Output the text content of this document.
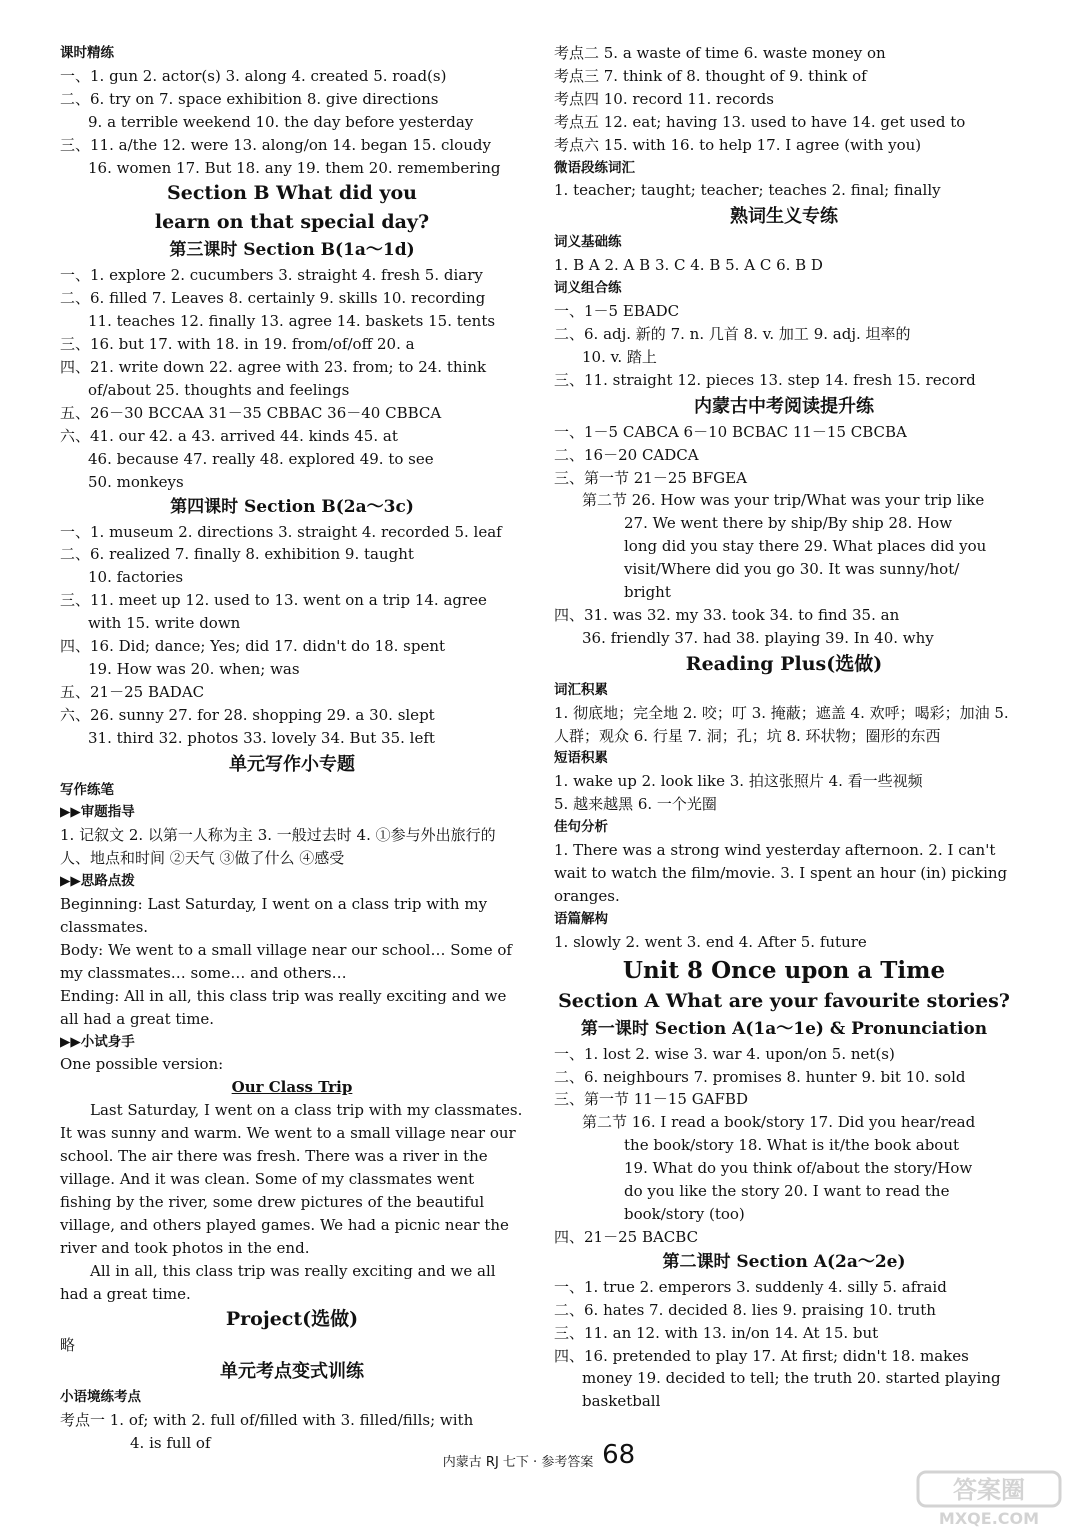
课时精练
一、1. gun 2. actor(s) 3. along 4. created 5. road(s)
二、6. try on 7. space exhibition 8. give directions
9. a terrible weekend 10. the day before yesterday
三、11. a/the 12. were 13. along/on 14. began 15. cloudy
16. women 17. But 18. any 19. them 20. remembering
Section B What did you
learn on that special day?
第三课时 Section B(1a～1d)
一、1. explore 2. cucumbers 3. straight 4. fresh 5. diary
二、6. filled 7. Leaves 8. certainly 9. skills 10. recording
11. teaches 12. finally 13. agree 14. baskets 15. tents
三、16. but 17. with 18. in 19. from/of/off 20. a
四、21. write down 22. agree with 23. from; to 24. think
of/about 25. thoughts and feelings
五、26－30 BCCAA 31－35 CBBAC 36－40 CBBCA
六、41. our 42. a 43. arrived 44. kinds 45. at
46. because 47. really 48. explored 49. to see
50. monkeys
第四课时 Section B(2a～3c)
一、1. museum 2. directions 3. straight 4. recorded 5. leaf
二、6. realized 7. finally 8. exhibition 9. taught
10. factories
三、11. meet up 12. used to 13. went on a trip 14. agree
with 15. write down
四、16. Did; dance; Yes; did 17. didn't do 18. spent
19. How was 20. when; was
五、21－25 BADAC
六、26. sunny 27. for 28. shopping 29. a 30. slept
31. third 32. photos 33. lovely 34. But 35. left
单元写作小专题
写作练笔
▶▶审题指导

1. 记叙文 2. 以第一人称为主 3. 一般过去时 4. ①参与外出旅行的人、地点和时间 ②天气 ③做了什么 ④感受

▶▶思路点拨

Beginning: Last Saturday, I went on a class trip with my classmates.

Body: We went to a small village near our school… Some of my classmates… some… and others…

Ending: All in all, this class trip was really exciting and we all had a great time.

▶▶小试身手
One possible version:
Our Class Trip

Last Saturday, I went on a class trip with my classmates. It was sunny and warm. We went to a small village near our school. The air there was fresh. There was a river in the village. And it was clean. Some of my classmates went fishing by the river, some drew pictures of the beautiful village, and others played games. We had a picnic near the river and took photos in the end.

All in all, this class trip was really exciting and we all had a great time.

Project(选做)
略
单元考点变式训练
小语境练考点
考点一 1. of; with 2. full of/filled with 3. filled/fills; with
4. is full of
考点二 5. a waste of time 6. waste money on
考点三 7. think of 8. thought of 9. think of
考点四 10. record 11. records
考点五 12. eat; having 13. used to have 14. get used to
考点六 15. with 16. to help 17. I agree (with you)
微语段练词汇
1. teacher; taught; teacher; teaches 2. final; finally
熟词生义专练
词义基础练
1. B A 2. A B 3. C 4. B 5. A C 6. B D
词义组合练
一、1－5 EBADC
二、6. adj. 新的 7. n. 几首 8. v. 加工 9. adj. 坦率的
10. v. 踏上
三、11. straight 12. pieces 13. step 14. fresh 15. record
内蒙古中考阅读提升练
一、1－5 CABCA 6－10 BCBAC 11－15 CBCBA
二、16－20 CADCA
三、第一节 21－25 BFGEA
第二节 26. How was your trip/What was your trip like
27. We went there by ship/By ship 28. How
long did you stay there 29. What places did you
visit/Where did you go 30. It was sunny/hot/
bright
四、31. was 32. my 33. took 34. to find 35. an
36. friendly 37. had 38. playing 39. In 40. why
Reading Plus(选做)
词汇积累

1. 彻底地；完全地 2. 咬；叮 3. 掩蔽；遮盖 4. 欢呼；喝彩；加油 5. 人群；观众 6. 行星 7. 洞；孔；坑 8. 环状物；圈形的东西

短语积累
1. wake up 2. look like 3. 拍这张照片 4. 看一些视频
5. 越来越黑 6. 一个光圈
佳句分析

1. There was a strong wind yesterday afternoon. 2. I can't wait to watch the film/movie. 3. I spent an hour (in) picking oranges.

语篇解构
1. slowly 2. went 3. end 4. After 5. future
Unit 8 Once upon a Time
Section A What are your favourite stories?
第一课时 Section A(1a～1e) & Pronunciation
一、1. lost 2. wise 3. war 4. upon/on 5. net(s)
二、6. neighbours 7. promises 8. hunter 9. bit 10. sold
三、第一节 11－15 GAFBD
第二节 16. I read a book/story 17. Did you hear/read
the book/story 18. What is it/the book about
19. What do you think of/about the story/How
do you like the story 20. I want to read the
book/story (too)
四、21－25 BACBC
第二课时 Section A(2a～2e)
一、1. true 2. emperors 3. suddenly 4. silly 5. afraid
二、6. hates 7. decided 8. lies 9. praising 10. truth
三、11. an 12. with 13. in/on 14. At 15. but
四、16. pretended to play 17. At first; didn't 18. makes
money 19. decided to tell; the truth 20. started playing
basketball
内蒙古 RJ 七下 · 参考答案 68
答案圈
MXQE.COM
